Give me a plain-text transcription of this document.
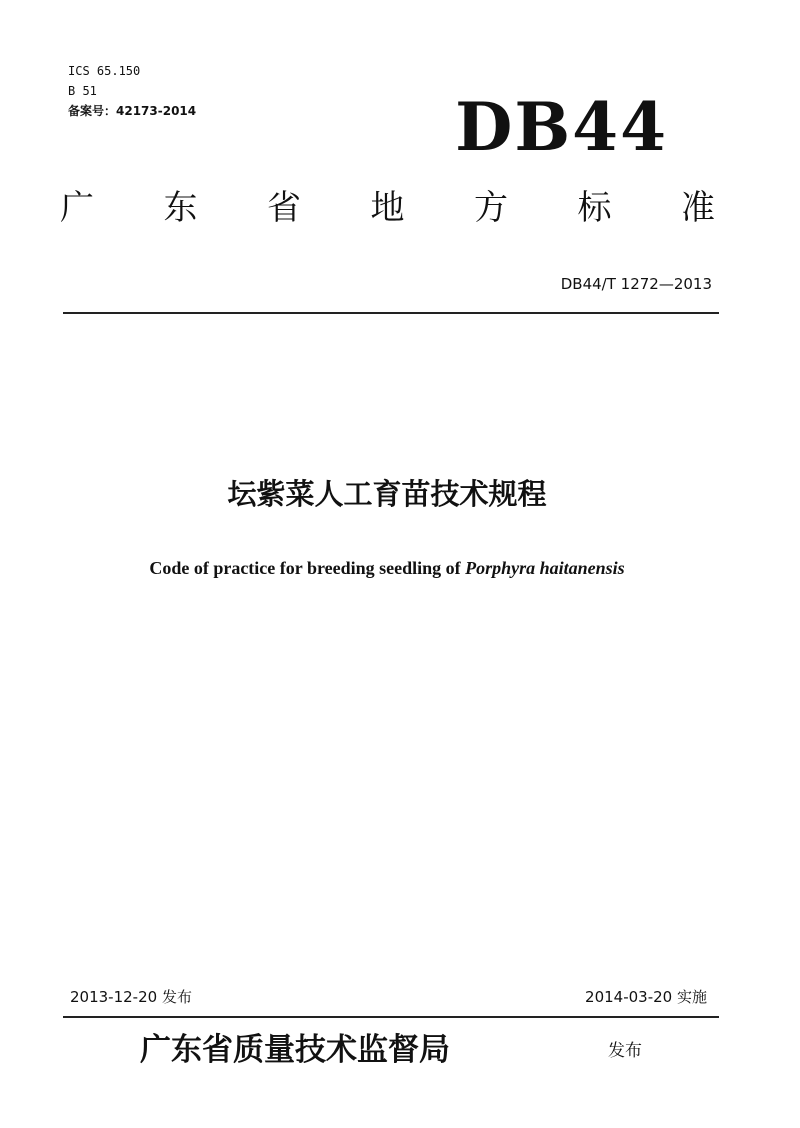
ICS 65.150
B 51
备案号：42173-2014	DB44
广 东 省 地 方 标 准
DB44/T 1272—2013
坛紫菜人工育苗技术规程
Code of practice for breeding seedling of Porphyra haitanensis
2013-12-20 发布	2014-03-20 实施
广东省质量技术监督局	发布
